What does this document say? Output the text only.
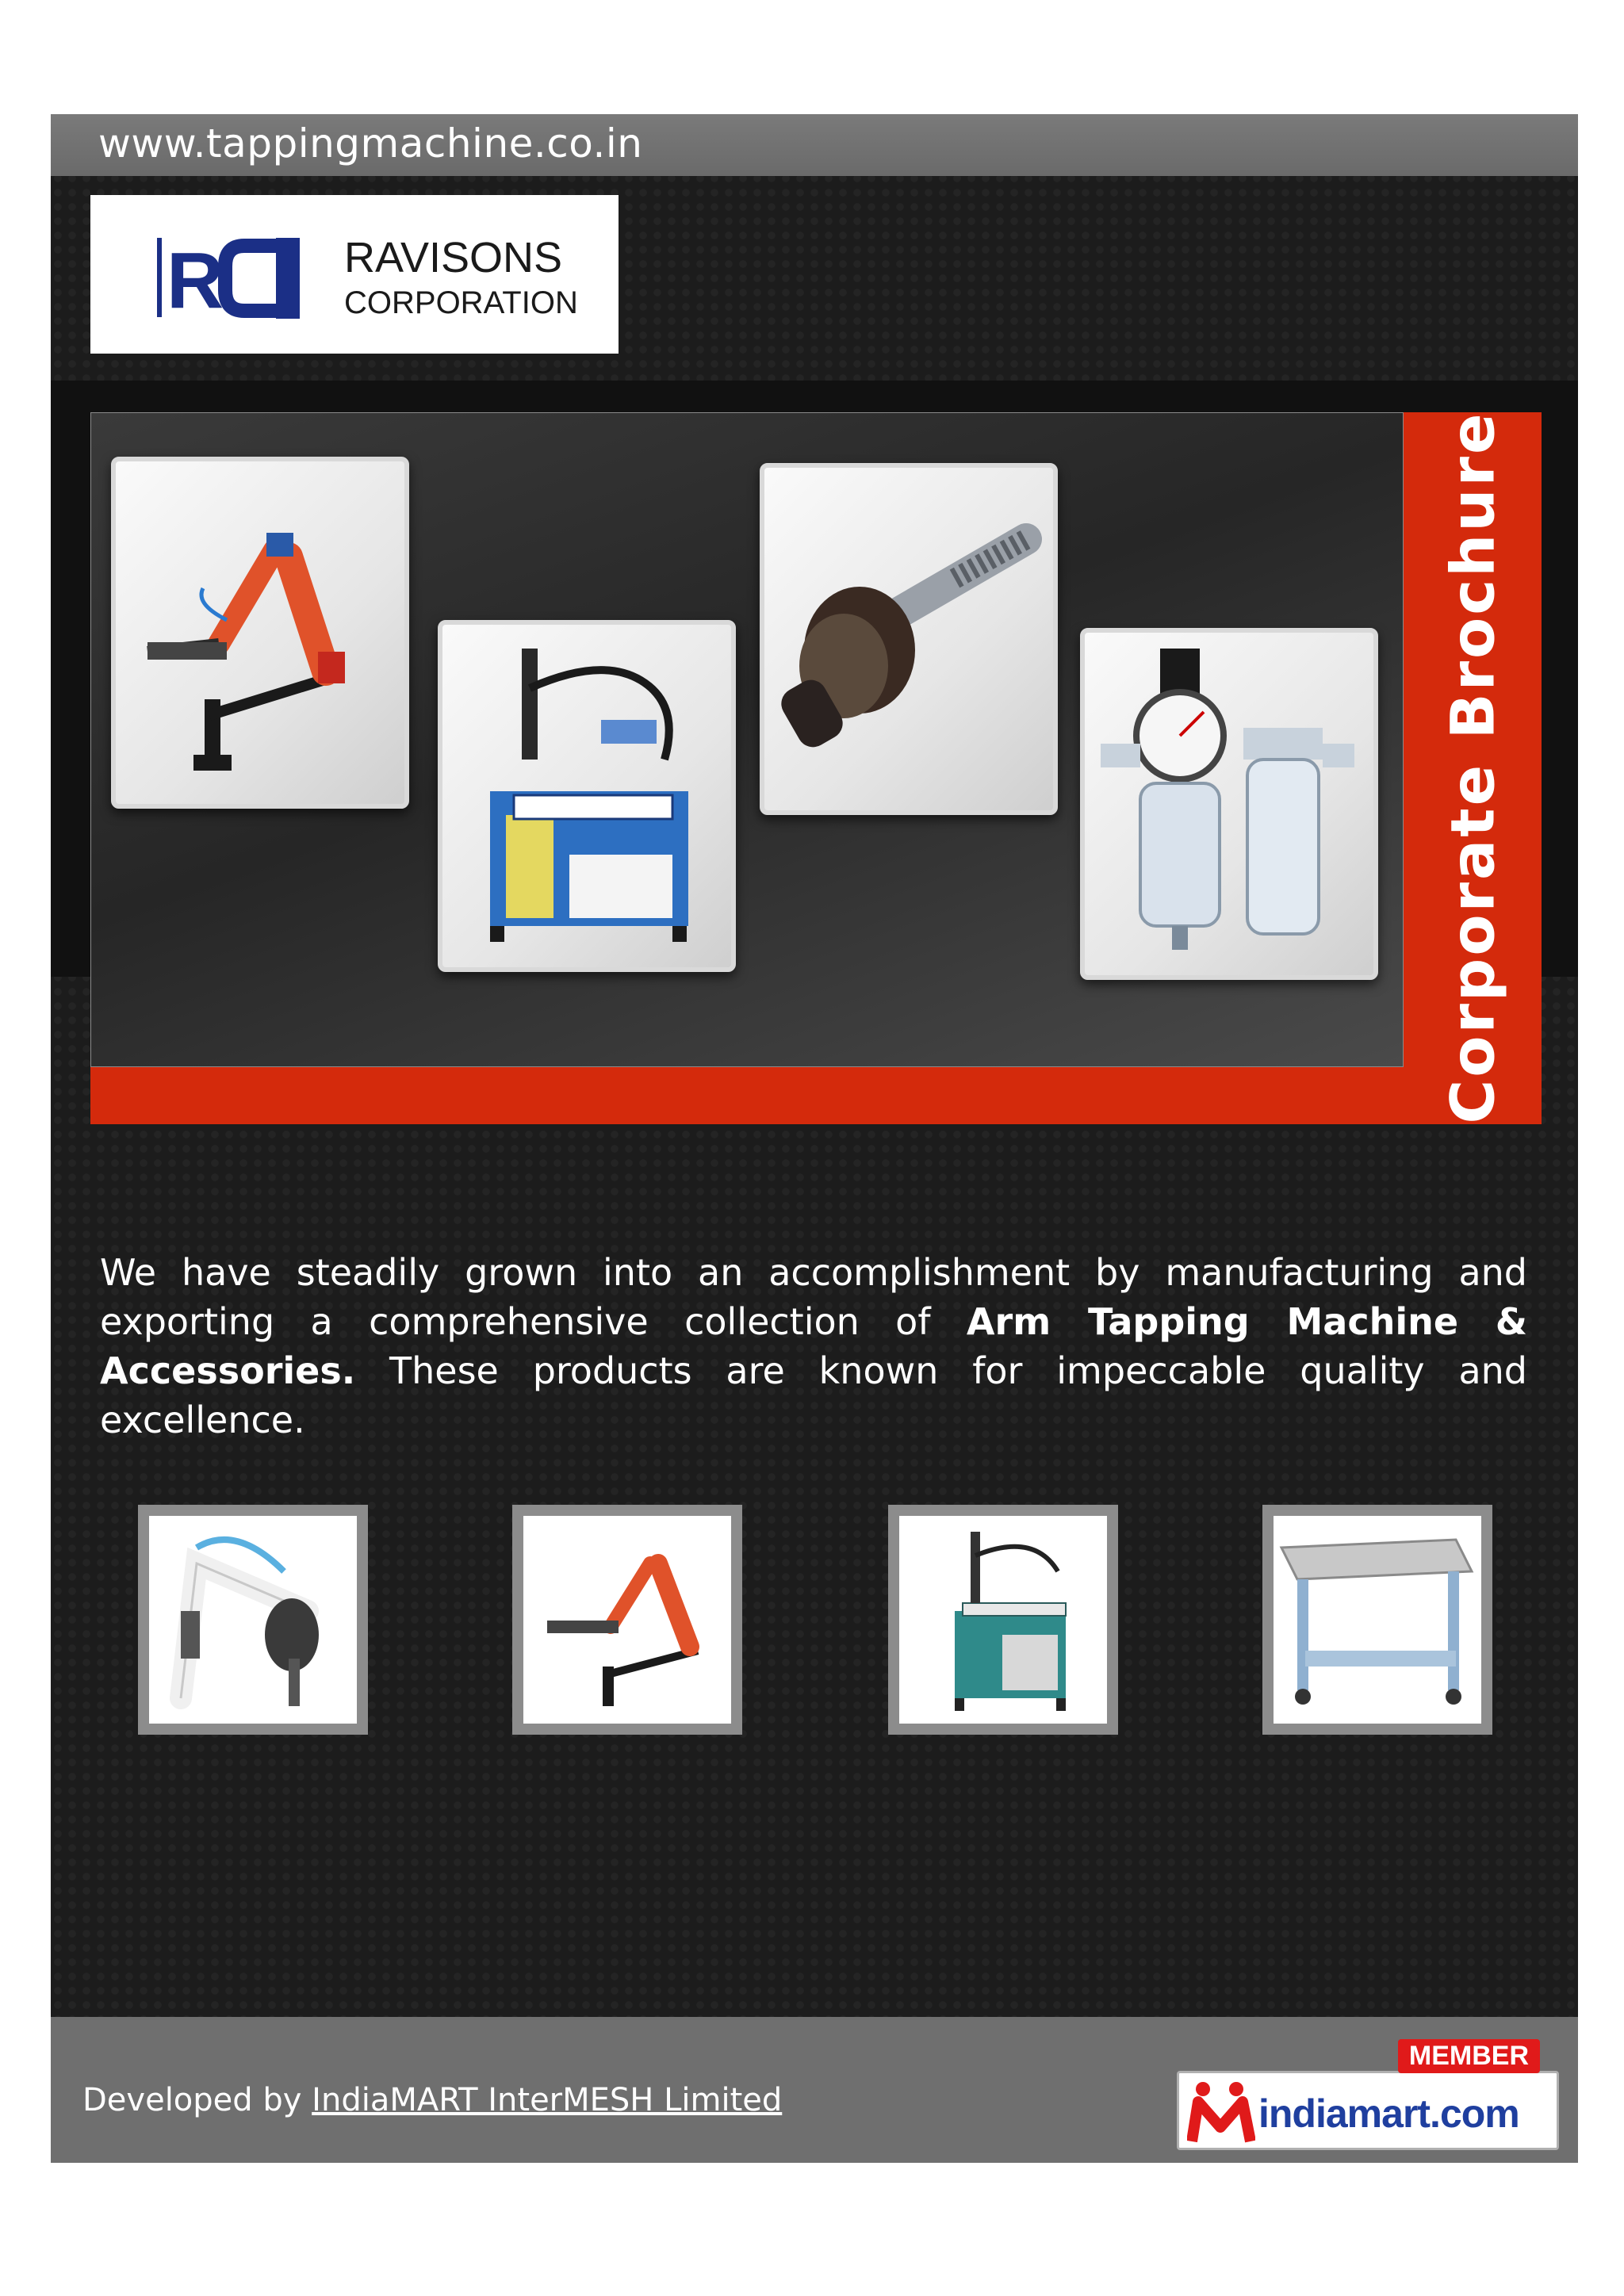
www.tappingmachine.co.in
R	RAVISONS
CORPORATION
Corporate Brochure
We have steadily grown into an accomplishment by manufacturing and exporting a comprehensive collection of Arm Tapping Machine & Accessories. These products are known for impeccable quality and excellence.
Developed by IndiaMART InterMESH Limited	indiamart.com
MEMBER
